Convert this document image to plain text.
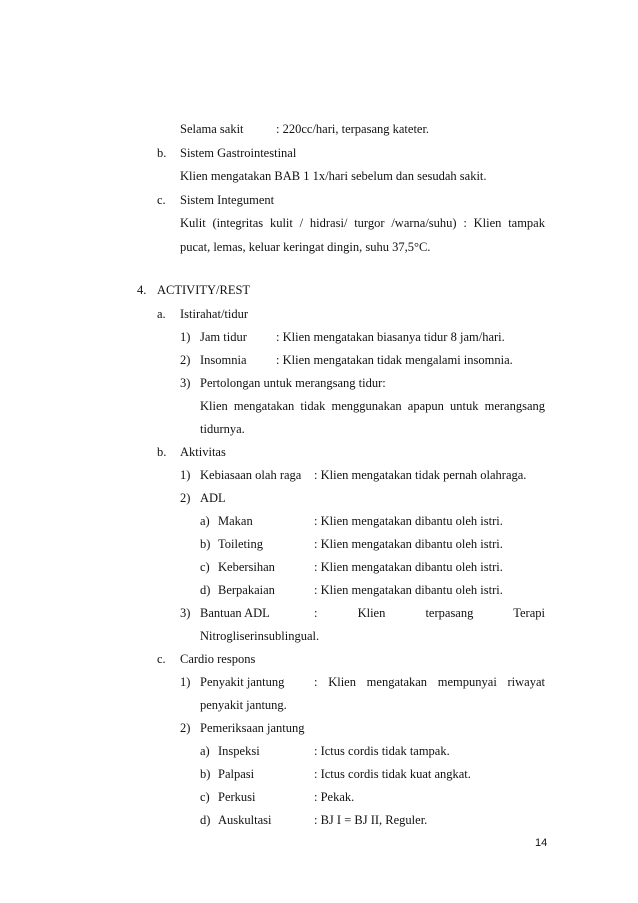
Selama sakit	: 220cc/hari, terpasang kateter.
b. Sistem Gastrointestinal
Klien mengatakan BAB 1 1x/hari sebelum dan sesudah sakit.
c. Sistem Integument
Kulit (integritas kulit / hidrasi/ turgor /warna/suhu) : Klien tampak
pucat, lemas, keluar keringat dingin, suhu 37,5°C.
4. ACTIVITY/REST
a. Istirahat/tidur
1) Jam tidur : Klien mengatakan biasanya tidur 8 jam/hari.
2) Insomnia : Klien mengatakan tidak mengalami insomnia.
3) Pertolongan untuk merangsang tidur:
Klien mengatakan tidak menggunakan apapun untuk merangsang
tidurnya.
b. Aktivitas
1) Kebiasaan olah raga : Klien mengatakan tidak pernah olahraga.
2) ADL
a) Makan	: Klien mengatakan dibantu oleh istri.
b) Toileting	: Klien mengatakan dibantu oleh istri.
c) Kebersihan	: Klien mengatakan dibantu oleh istri.
d) Berpakaian	: Klien mengatakan dibantu oleh istri.
3) Bantuan ADL	: Klien terpasang Terapi
Nitrogliserinsublingual.
c. Cardio respons
1) Penyakit jantung : Klien mengatakan mempunyai riwayat
penyakit jantung.
2) Pemeriksaan jantung
a) Inspeksi	: Ictus cordis tidak tampak.
b) Palpasi	: Ictus cordis tidak kuat angkat.
c) Perkusi	: Pekak.
d) Auskultasi	: BJ I = BJ II, Reguler.
14
